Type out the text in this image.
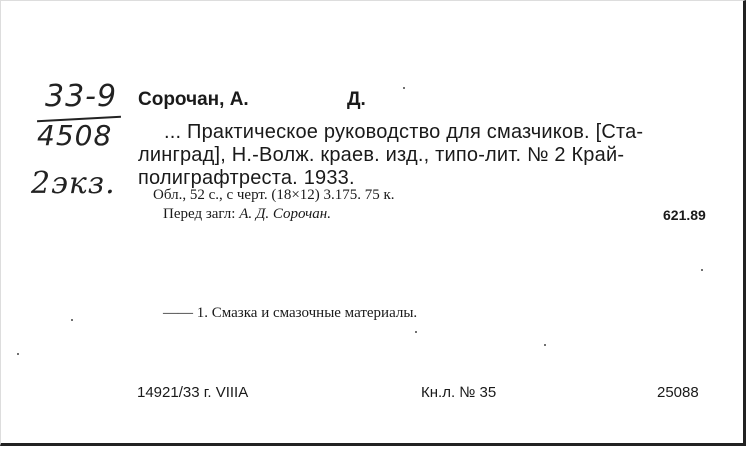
33-9
4508
2экз.
Сорочан, А.	Д.
... Практическое руководство для смазчиков. [Ста-
линград], Н.-Волж. краев. изд., типо-лит. № 2 Край-
полиграфтреста. 1933.
Обл., 52 с., с черт. (18×12) 3.175. 75 к.
Перед загл: А. Д. Сорочан.	621.89
—— 1. Смазка и смазочные материалы.
14921/33 г. VIIIA	Кн.л. № 35	25088
